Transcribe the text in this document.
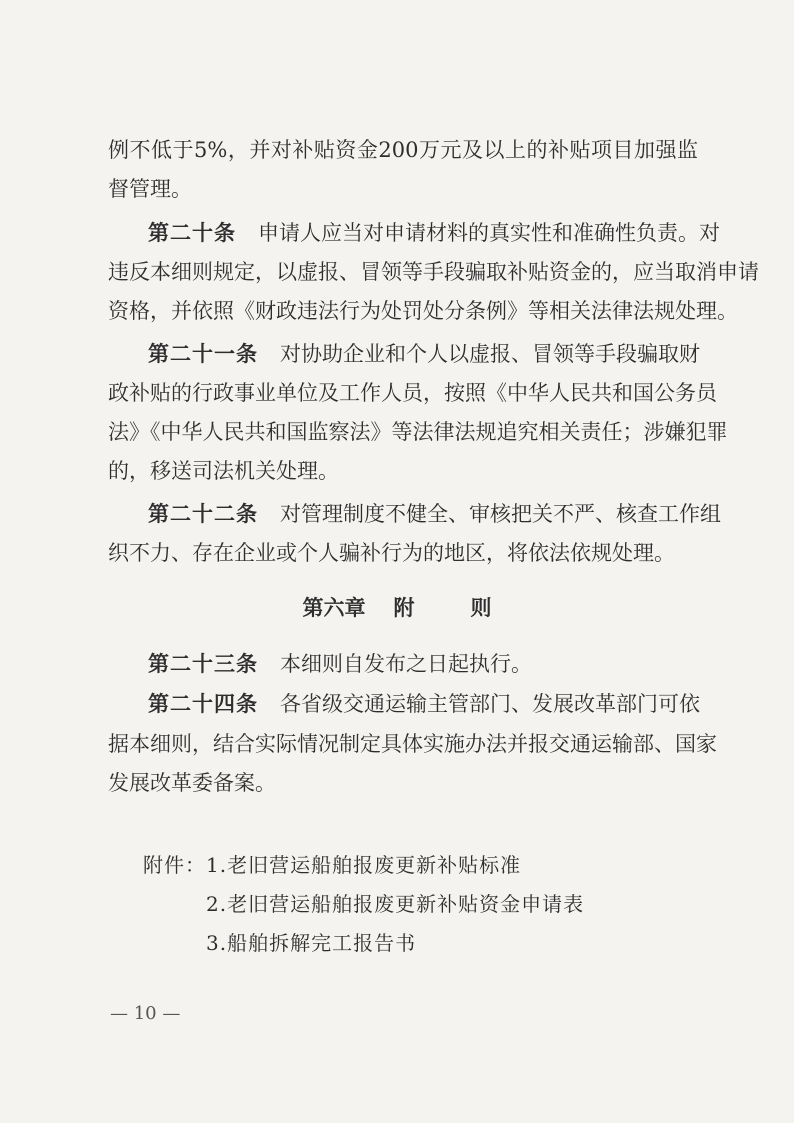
例不低于5%，并对补贴资金200万元及以上的补贴项目加强监
督管理。
第二十条 申请人应当对申请材料的真实性和准确性负责。对
违反本细则规定，以虚报、冒领等手段骗取补贴资金的，应当取消申请
资格，并依照《财政违法行为处罚处分条例》等相关法律法规处理。
第二十一条 对协助企业和个人以虚报、冒领等手段骗取财
政补贴的行政事业单位及工作人员，按照《中华人民共和国公务员
法》《中华人民共和国监察法》等法律法规追究相关责任；涉嫌犯罪
的，移送司法机关处理。
第二十二条 对管理制度不健全、审核把关不严、核查工作组
织不力、存在企业或个人骗补行为的地区，将依法依规处理。
第六章 附	则
第二十三条 本细则自发布之日起执行。
第二十四条 各省级交通运输主管部门、发展改革部门可依
据本细则，结合实际情况制定具体实施办法并报交通运输部、国家
发展改革委备案。
附件：1.老旧营运船舶报废更新补贴标准
2.老旧营运船舶报废更新补贴资金申请表
3.船舶拆解完工报告书
— 10 —
